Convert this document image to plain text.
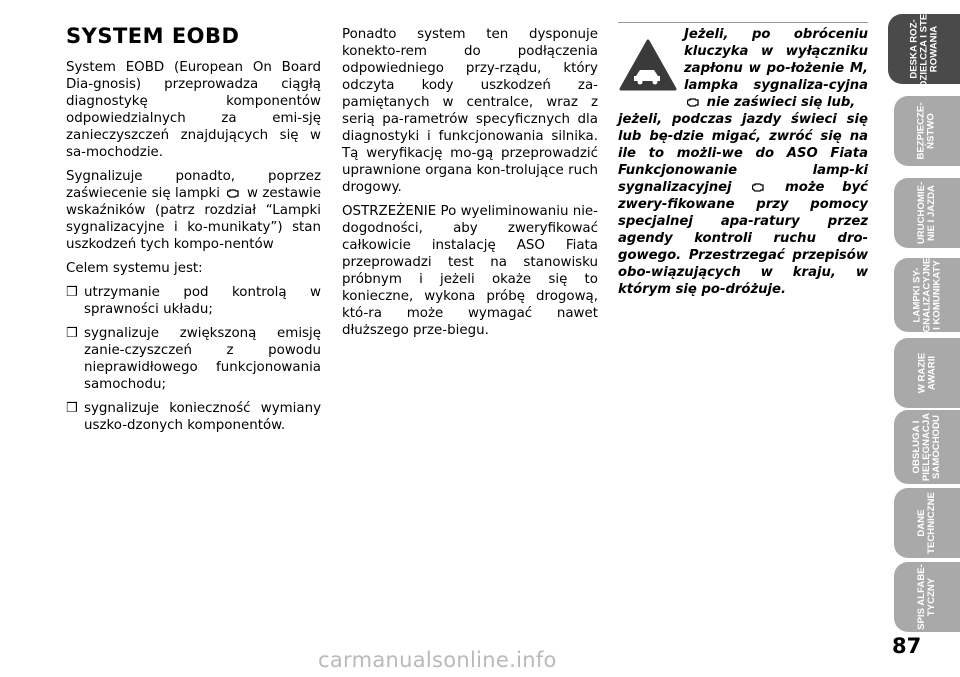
SYSTEM EOBD

System EOBD (European On Board Dia-gnosis) przeprowadza ciągłą diagnostykę komponentów odpowiedzialnych za emi-sję zanieczyszczeń znajdujących się w sa-mochodzie.

Sygnalizuje ponadto, poprzez zaświecenie się lampki w zestawie wskaźników (patrz rozdział “Lampki sygnalizacyjne i ko-munikaty”) stan uszkodzeń tych kompo-nentów

Celem systemu jest:

❒ utrzymanie pod kontrolą w sprawności układu;
❒ sygnalizuje zwiększoną emisję zanie-czyszczeń z powodu nieprawidłowego funkcjonowania samochodu;
❒ sygnalizuje konieczność wymiany uszko-dzonych komponentów.

Ponadto system ten dysponuje konekto-rem do podłączenia odpowiedniego przy-rządu, który odczyta kody uszkodzeń za-pamiętanych w centralce, wraz z serią pa-rametrów specyficznych dla diagnostyki i funkcjonowania silnika. Tą weryfikację mo-gą przeprowadzić uprawnione organa kon-trolujące ruch drogowy.

OSTRZEŻENIE Po wyeliminowaniu nie-dogodności, aby zweryfikować całkowicie instalację ASO Fiata przeprowadzi test na stanowisku próbnym i jeżeli okaże się to konieczne, wykona próbę drogową, któ-ra może wymagać nawet dłuższego prze-biegu.

Jeżeli, po obróceniu kluczyka w wyłączniku zapłonu w po-łożenie M, lampka sygnaliza-cyjna
nie zaświeci się lub,

jeżeli, podczas jazdy świeci się lub bę-dzie migać, zwróć się na ile to możli-we do ASO Fiata Funkcjonowanie lamp-ki sygnalizacyjnej	może być zwery-fikowane przy pomocy specjalnej apa-ratury przez agendy kontroli ruchu dro-gowego. Przestrzegać przepisów obo-wiązujących w kraju, w którym się po-dróżuje.

DESKA ROZ-
DZIELCZA I STE-
ROWANIA
BEZPIECZE-
ŃSTWO
URUCHOMIE-
NIE I JAZDA
LAMPKI SY-
GNALIZACYJNE
I KOMUNIKATY
W RAZIE
AWARII
OBSŁUGA I
PIELĘGNACJA
SAMOCHODU
DANE
TECHNICZNE
SPIS ALFABE-
TYCZNY
87
carmanualsonline.info
